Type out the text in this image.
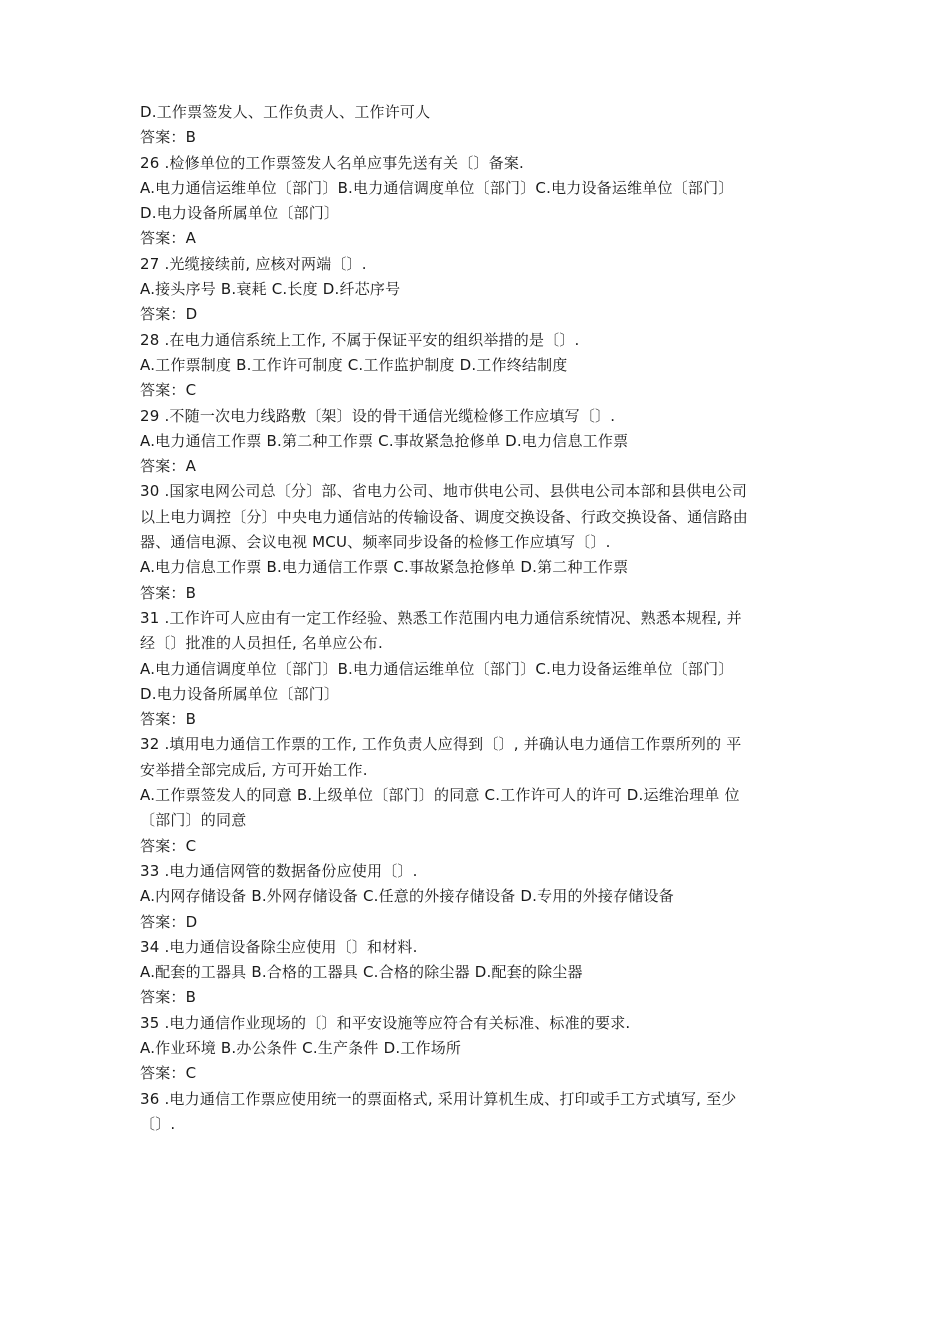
D.工作票签发人、工作负责人、工作许可人
答案：B
26 .检修单位的工作票签发人名单应事先送有关〔〕备案.
A.电力通信运维单位〔部门〕B.电力通信调度单位〔部门〕C.电力设备运维单位〔部门〕
D.电力设备所属单位〔部门〕
答案：A
27 .光缆接续前, 应核对两端〔〕.
A.接头序号 B.衰耗 C.长度 D.纤芯序号
答案：D
28 .在电力通信系统上工作, 不属于保证平安的组织举措的是〔〕.
A.工作票制度 B.工作许可制度 C.工作监护制度 D.工作终结制度
答案：C
29 .不随一次电力线路敷〔架〕设的骨干通信光缆检修工作应填写〔〕.
A.电力通信工作票 B.第二种工作票 C.事故紧急抢修单 D.电力信息工作票
答案：A
30 .国家电网公司总〔分〕部、省电力公司、地市供电公司、县供电公司本部和县供电公司
以上电力调控〔分〕中央电力通信站的传输设备、调度交换设备、行政交换设备、通信路由
器、通信电源、会议电视 MCU、频率同步设备的检修工作应填写〔〕.
A.电力信息工作票 B.电力通信工作票 C.事故紧急抢修单 D.第二种工作票
答案：B
31 .工作许可人应由有一定工作经验、熟悉工作范围内电力通信系统情况、熟悉本规程, 并
经〔〕批准的人员担任, 名单应公布.
A.电力通信调度单位〔部门〕B.电力通信运维单位〔部门〕C.电力设备运维单位〔部门〕
D.电力设备所属单位〔部门〕
答案：B
32 .填用电力通信工作票的工作, 工作负责人应得到〔〕, 并确认电力通信工作票所列的 平
安举措全部完成后, 方可开始工作.
A.工作票签发人的同意 B.上级单位〔部门〕的同意 C.工作许可人的许可 D.运维治理单 位
〔部门〕的同意
答案：C
33 .电力通信网管的数据备份应使用〔〕.
A.内网存储设备 B.外网存储设备 C.任意的外接存储设备 D.专用的外接存储设备
答案：D
34 .电力通信设备除尘应使用〔〕和材料.
A.配套的工器具 B.合格的工器具 C.合格的除尘器 D.配套的除尘器
答案：B
35 .电力通信作业现场的〔〕和平安设施等应符合有关标准、标准的要求.
A.作业环境 B.办公条件 C.生产条件 D.工作场所
答案：C
36 .电力通信工作票应使用统一的票面格式, 采用计算机生成、打印或手工方式填写, 至少
〔〕.
